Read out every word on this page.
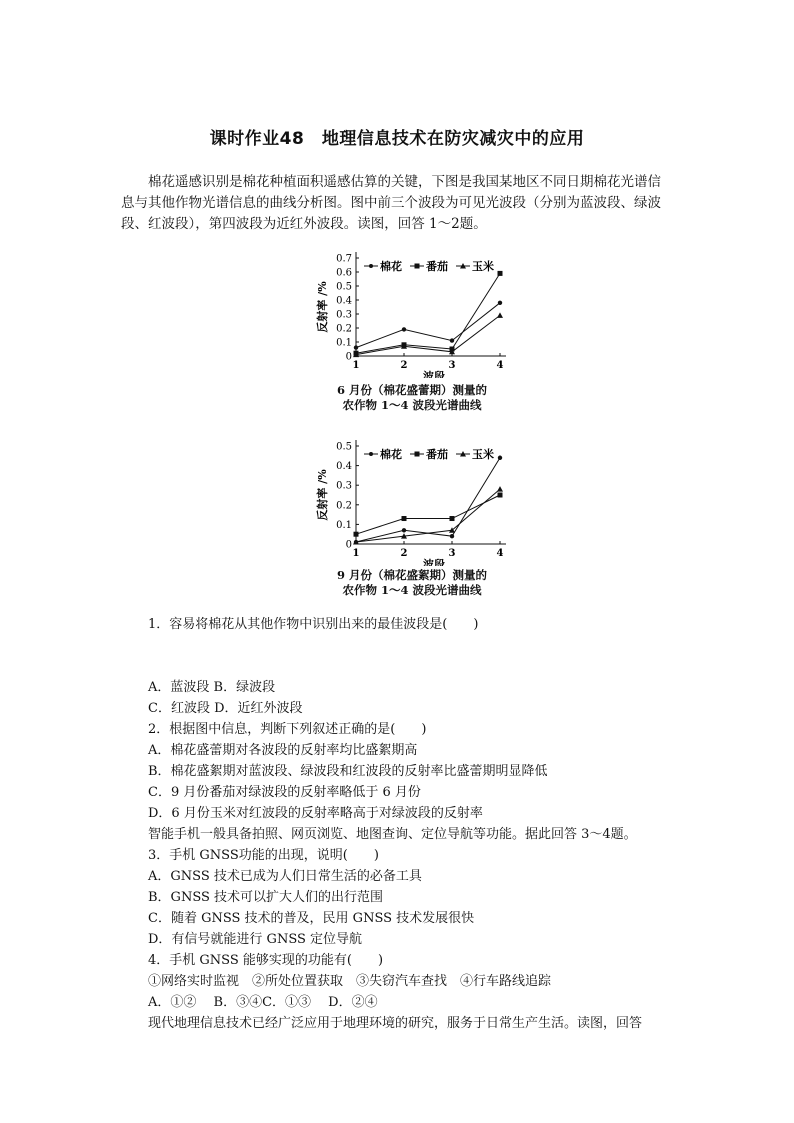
课时作业48　地理信息技术在防灾减灾中的应用
棉花遥感识别是棉花种植面积遥感估算的关键，下图是我国某地区不同日期棉花光谱信
息与其他作物光谱信息的曲线分析图。图中前三个波段为可见光波段（分别为蓝波段、绿波
段、红波段），第四波段为近红外波段。读图，回答 1～2题。
0
0.1
0.2
0.3
0.4
0.5
0.6
0.7
1	2	3	4
波段
反射率 /%
棉花 番茄 玉米
6 月份（棉花盛蕾期）测量的
农作物 1～4 波段光谱曲线
0
0.1
0.2
0.3
0.4
0.5
1	2	3	4
波段
反射率 /%
棉花 番茄 玉米
9 月份（棉花盛絮期）测量的
农作物 1～4 波段光谱曲线
1．容易将棉花从其他作物中识别出来的最佳波段是(　　)
A．蓝波段 B．绿波段
C．红波段 D．近红外波段
2．根据图中信息，判断下列叙述正确的是(　　)
A．棉花盛蕾期对各波段的反射率均比盛絮期高
B．棉花盛絮期对蓝波段、绿波段和红波段的反射率比盛蕾期明显降低
C．9 月份番茄对绿波段的反射率略低于 6 月份
D．6 月份玉米对红波段的反射率略高于对绿波段的反射率
智能手机一般具备拍照、网页浏览、地图查询、定位导航等功能。据此回答 3～4题。
3．手机 GNSS功能的出现，说明(　　)
A．GNSS 技术已成为人们日常生活的必备工具
B．GNSS 技术可以扩大人们的出行范围
C．随着 GNSS 技术的普及，民用 GNSS 技术发展很快
D．有信号就能进行 GNSS 定位导航
4．手机 GNSS 能够实现的功能有(　　)
①网络实时监视　②所处位置获取　③失窃汽车查找　④行车路线追踪
A．①②　 B．③④C．①③　 D．②④
现代地理信息技术已经广泛应用于地理环境的研究，服务于日常生产生活。读图，回答
